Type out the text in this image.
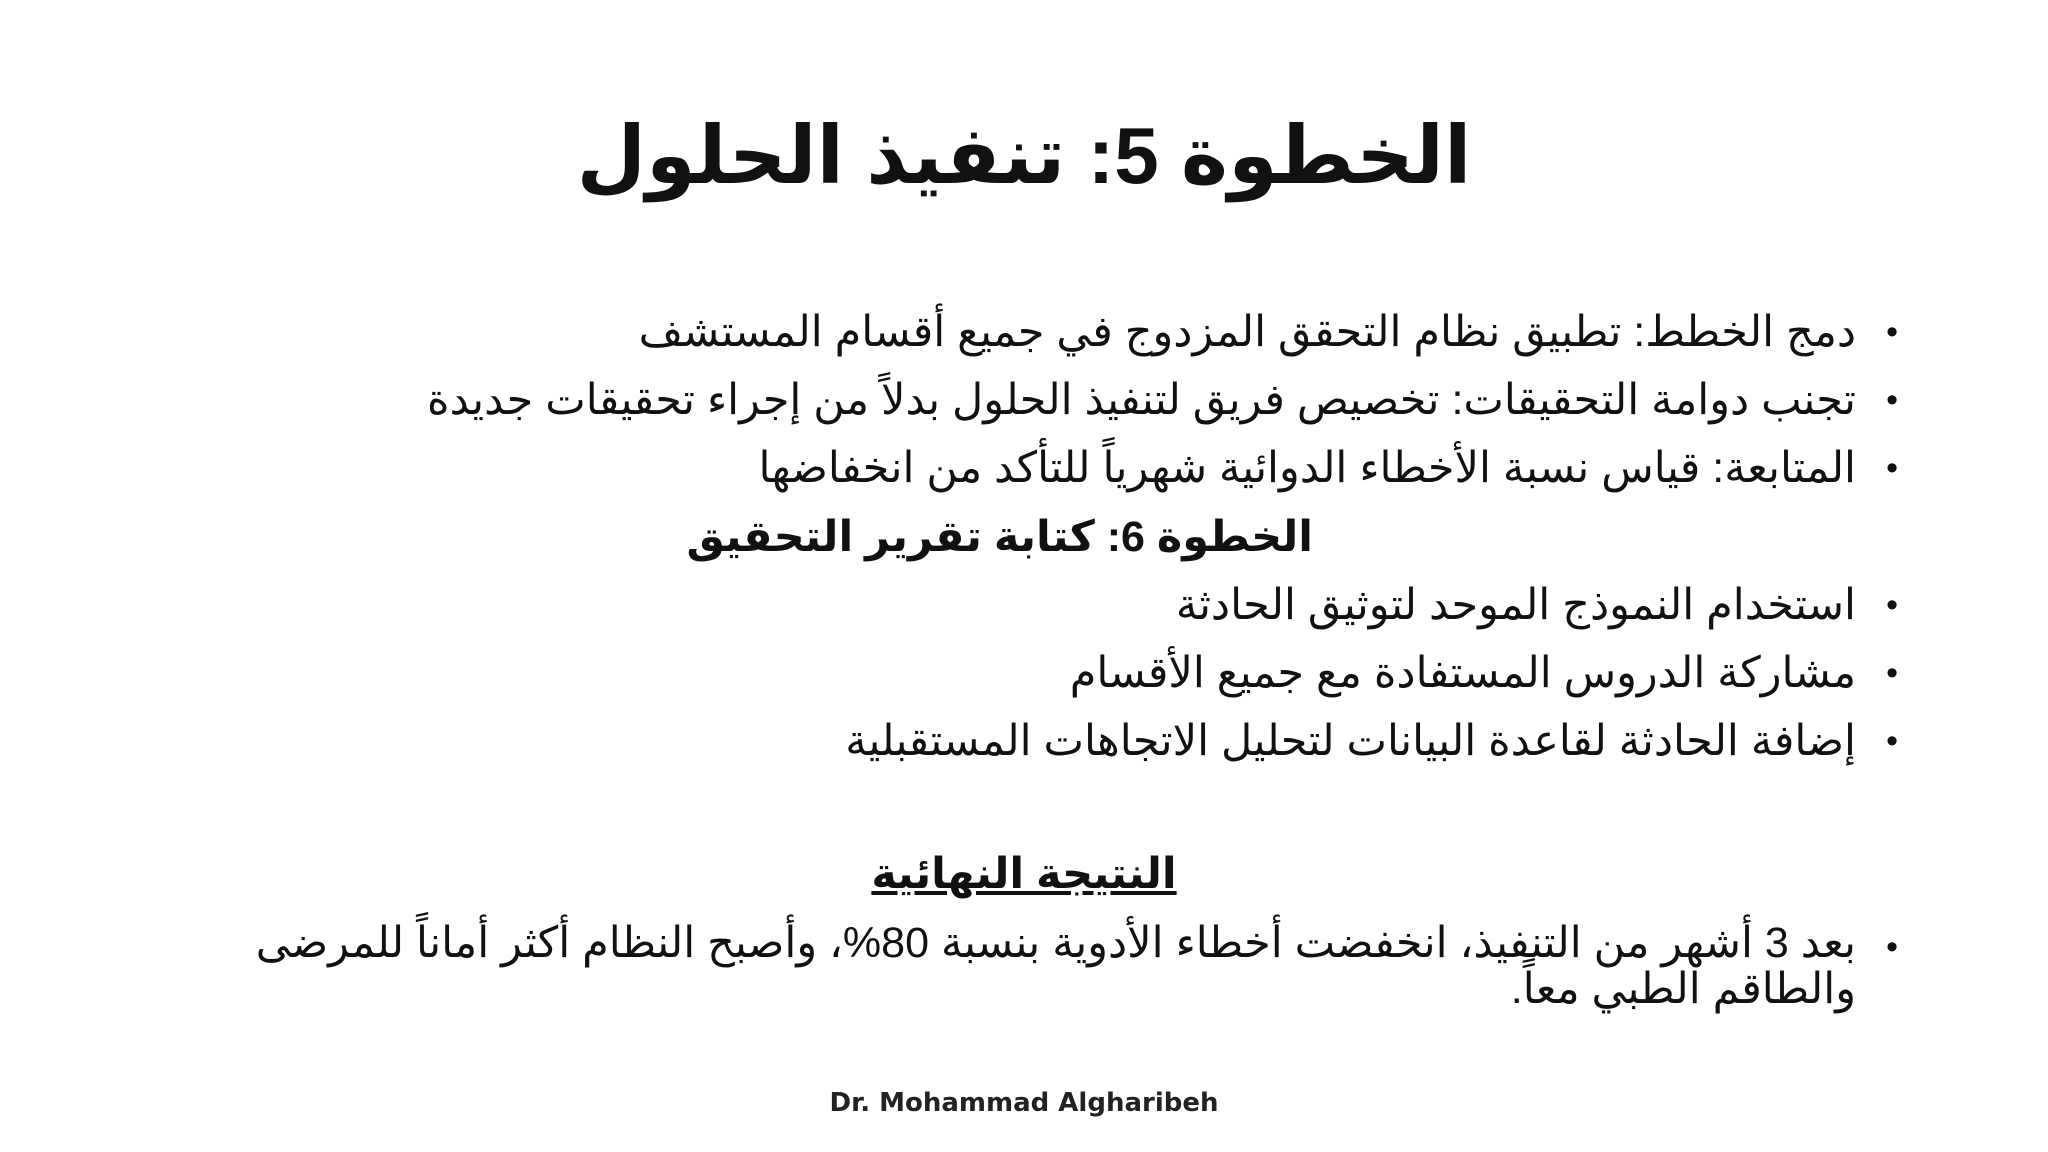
الخطوة 5: تنفيذ الحلول
•
دمج الخطط: تطبيق نظام التحقق المزدوج في جميع أقسام المستشف
•
تجنب دوامة التحقيقات: تخصيص فريق لتنفيذ الحلول بدلاً من إجراء تحقيقات جديدة
•
المتابعة: قياس نسبة الأخطاء الدوائية شهرياً للتأكد من انخفاضها
الخطوة 6: كتابة تقرير التحقيق
•
استخدام النموذج الموحد لتوثيق الحادثة
•
مشاركة الدروس المستفادة مع جميع الأقسام
•
إضافة الحادثة لقاعدة البيانات لتحليل الاتجاهات المستقبلية
النتيجة النهائية
•
بعد 3 أشهر من التنفيذ، انخفضت أخطاء الأدوية بنسبة 80%، وأصبح النظام أكثر أماناً للمرضى والطاقم الطبي معاً.
Dr. Mohammad Algharibeh
